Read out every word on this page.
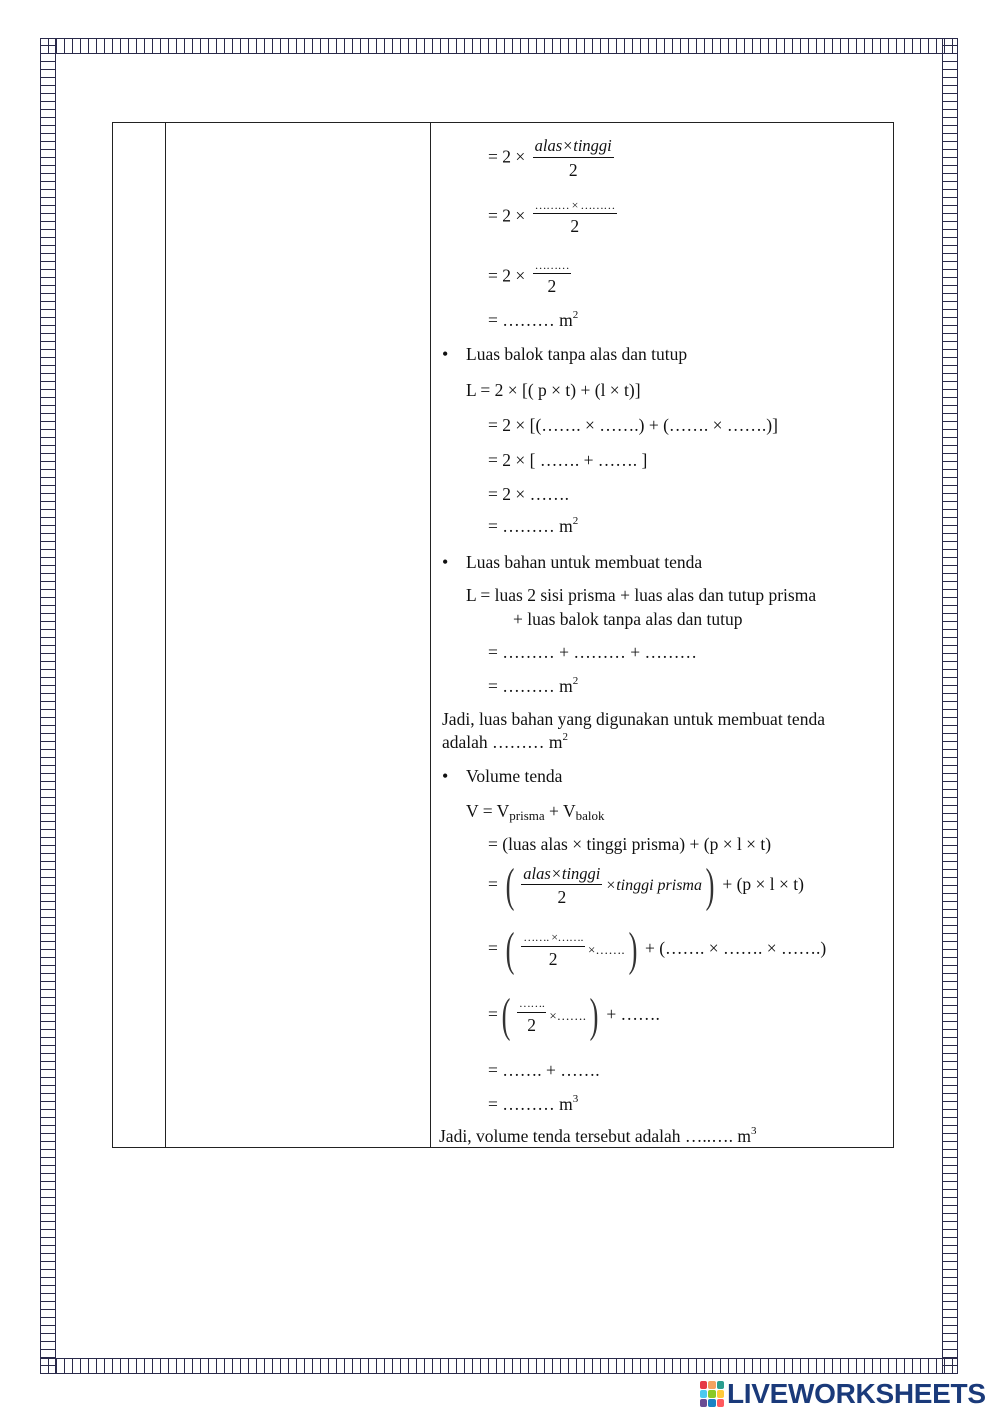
= $2 \times \frac{\text{alas×tinggi}}{2}$
= $2 \times \frac{\dots\dots\dots \times \dots\dots\dots}{2}$
= $2 \times \frac{\dots\dots\dots}{2}$
= ……… $m^2$
•Luas balok tanpa alas dan tutup
L = 2 × [( p × t) + (l × t)]
= 2 × [(……. × …….) + (……. × …….)]
= 2 × [ ……. + ……. ]
= 2 × …….
= ……… $m^2$
•Luas bahan untuk membuat tenda
L = luas 2 sisi prisma + luas alas dan tutup prisma
+ luas balok tanpa alas dan tutup
= ……… + ……… + ………
= ……… $m^2$
Jadi, luas bahan yang digunakan untuk membuat tenda
adalah ……… $m^2$
•Volume tenda
$V = V_{prisma} + V_{balok}$
= (luas alas × tinggi prisma) + (p × l × t)
= ( $\frac{\text{alas×tinggi}}{2}$ ×tinggi prisma) + (p × l × t)
= ( $\frac{\dots\dots. \times\dots\dots.}{2}$ ×…….) + (……. × ……. × …….)
=( $\frac{\dots\dots.}{2}$ ×…….) + …….
= ……. + …….
= ……… $m^3$
Jadi, volume tenda tersebut adalah …..…. $m^3$
LIVEWORKSHEETS
